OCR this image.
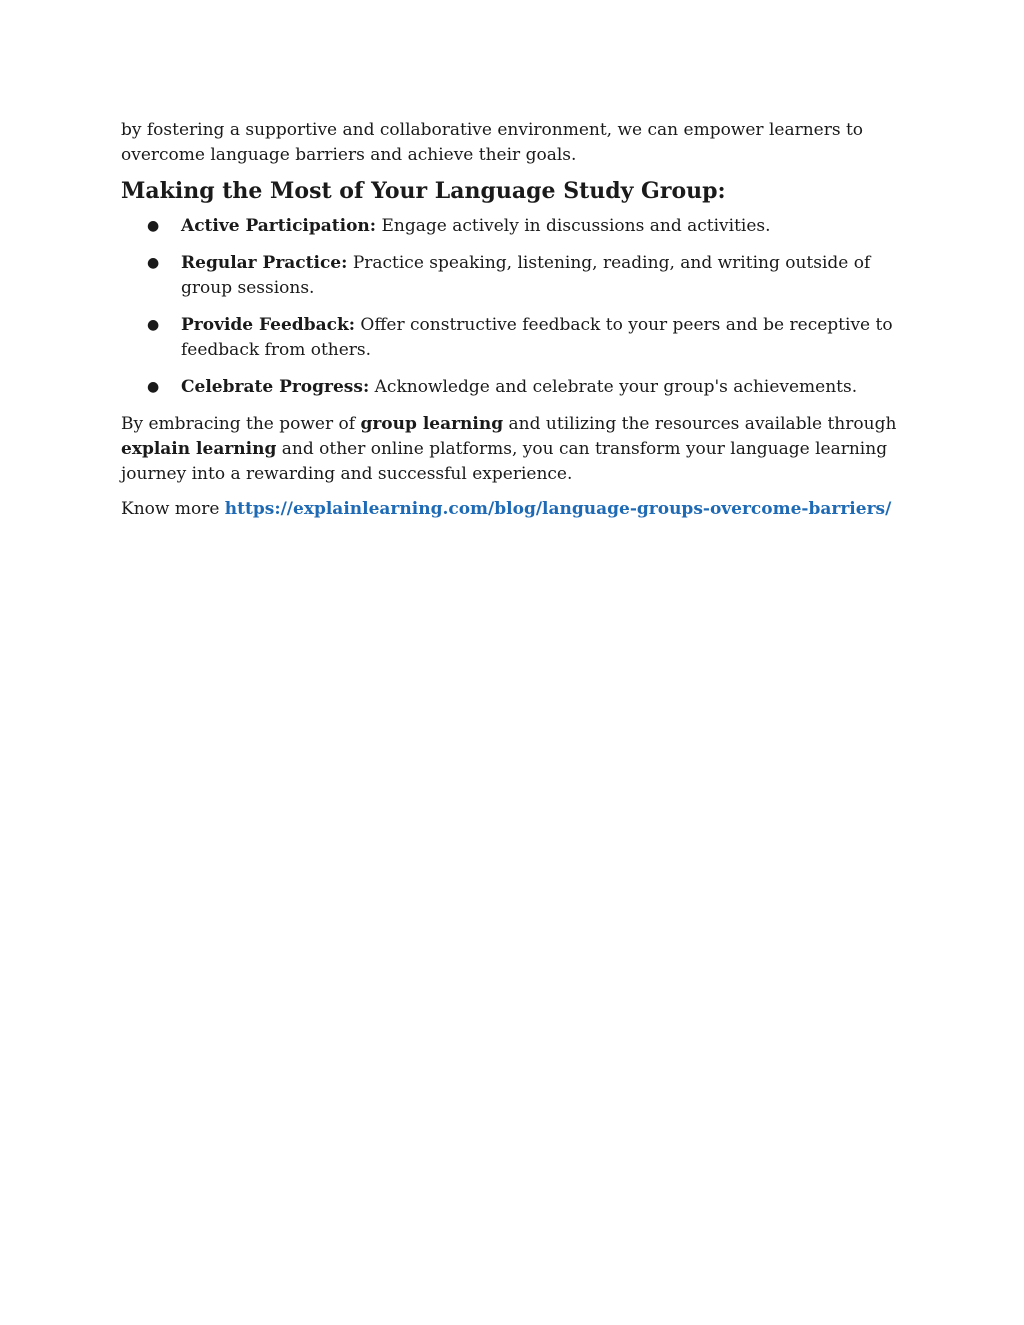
by fostering a supportive and collaborative environment, we can empower learners to overcome language barriers and achieve their goals.

Making the Most of Your Language Study Group:
● Active Participation: Engage actively in discussions and activities.
● Regular Practice: Practice speaking, listening, reading, and writing outside of group sessions.
● Provide Feedback: Offer constructive feedback to your peers and be receptive to feedback from others.
● Celebrate Progress: Acknowledge and celebrate your group's achievements.

By embracing the power of group learning and utilizing the resources available through explain learning and other online platforms, you can transform your language learning journey into a rewarding and successful experience.

Know more https://explainlearning.com/blog/language-groups-overcome-barriers/
